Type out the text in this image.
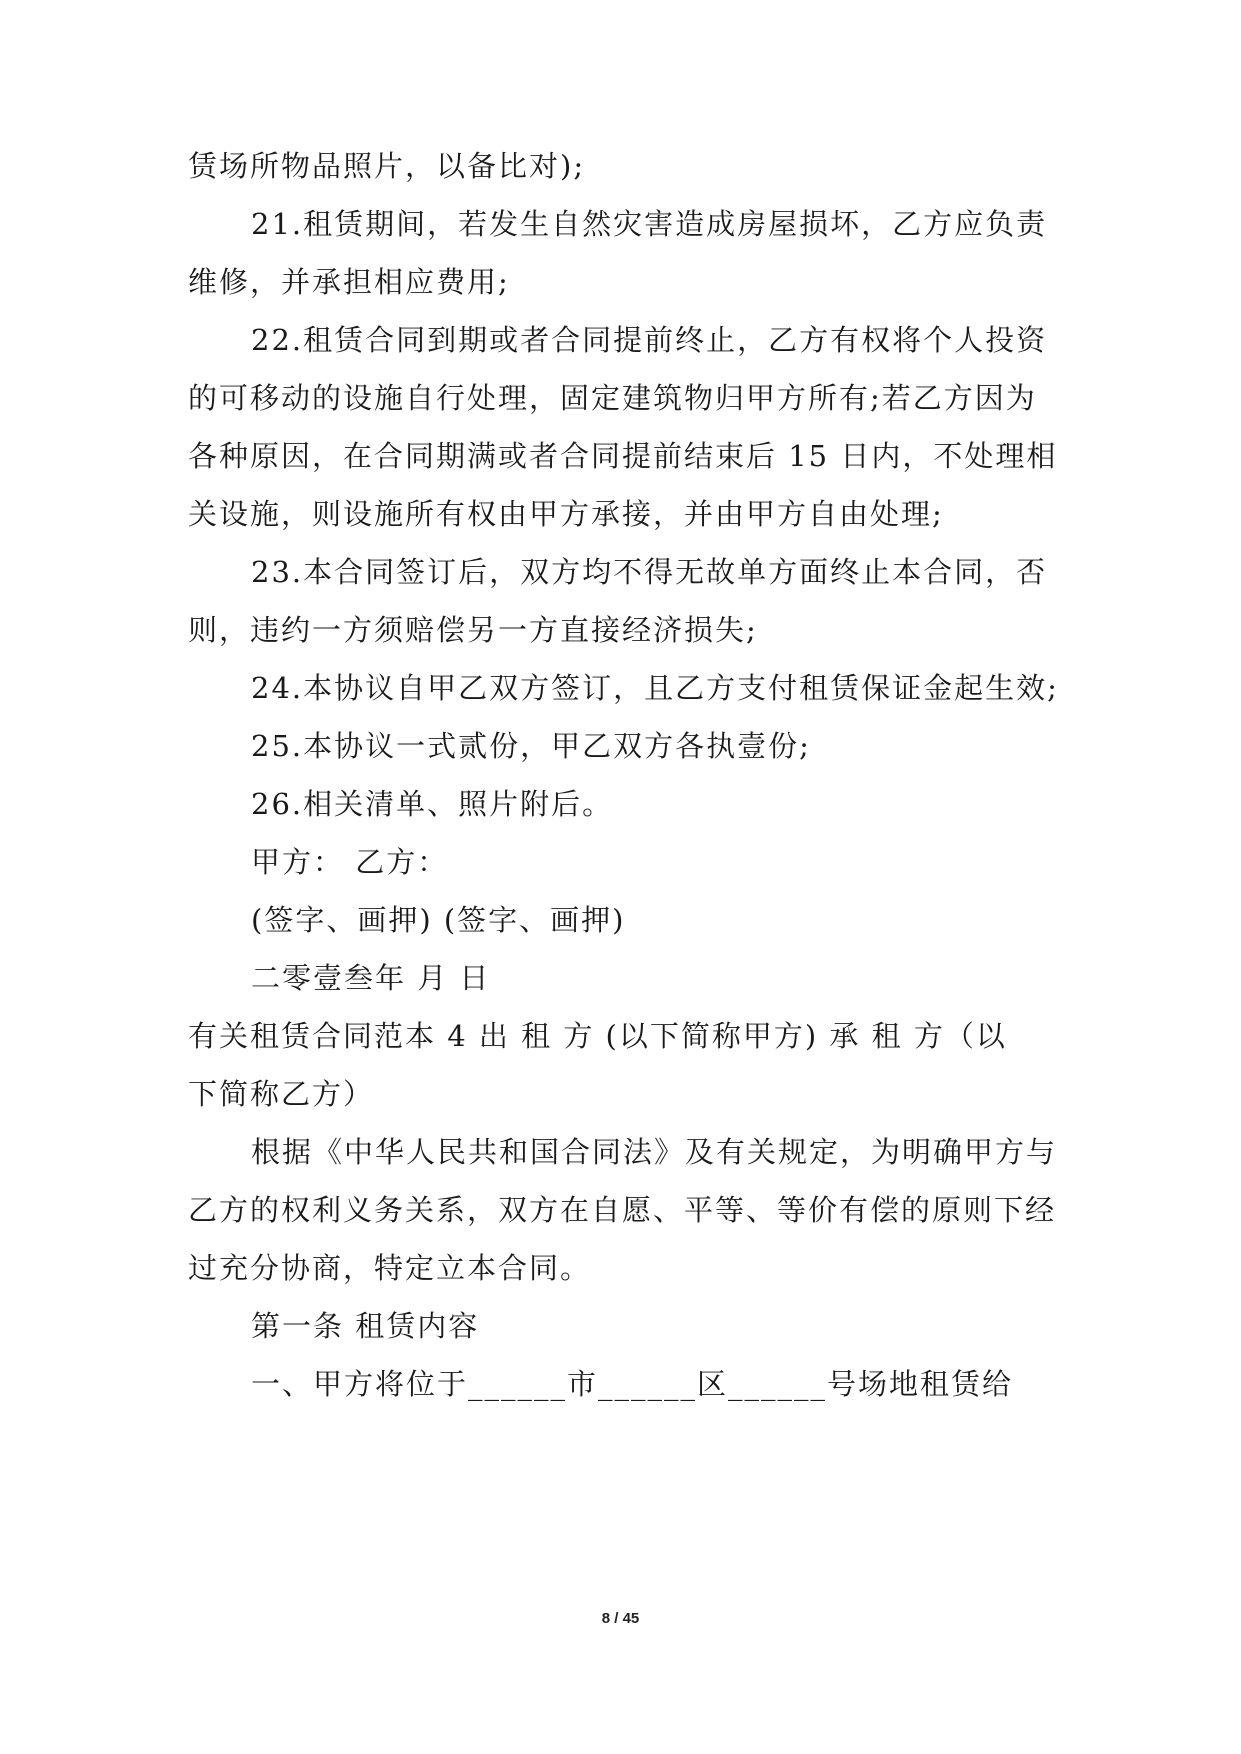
赁场所物品照片，以备比对);
21.租赁期间，若发生自然灾害造成房屋损坏，乙方应负责
维修，并承担相应费用;
22.租赁合同到期或者合同提前终止，乙方有权将个人投资
的可移动的设施自行处理，固定建筑物归甲方所有;若乙方因为
各种原因，在合同期满或者合同提前结束后 15 日内，不处理相
关设施，则设施所有权由甲方承接，并由甲方自由处理;
23.本合同签订后，双方均不得无故单方面终止本合同，否
则，违约一方须赔偿另一方直接经济损失;
24.本协议自甲乙双方签订，且乙方支付租赁保证金起生效;
25.本协议一式贰份，甲乙双方各执壹份;
26.相关清单、照片附后。
甲方： 乙方：
(签字、画押) (签字、画押)
二零壹叁年 月 日
有关租赁合同范本 4 出 租 方 (以下简称甲方) 承 租 方（以
下简称乙方）
根据《中华人民共和国合同法》及有关规定，为明确甲方与
乙方的权利义务关系，双方在自愿、平等、等价有偿的原则下经
过充分协商，特定立本合同。
第一条 租赁内容
一、甲方将位于______市______区______号场地租赁给
8 / 45
